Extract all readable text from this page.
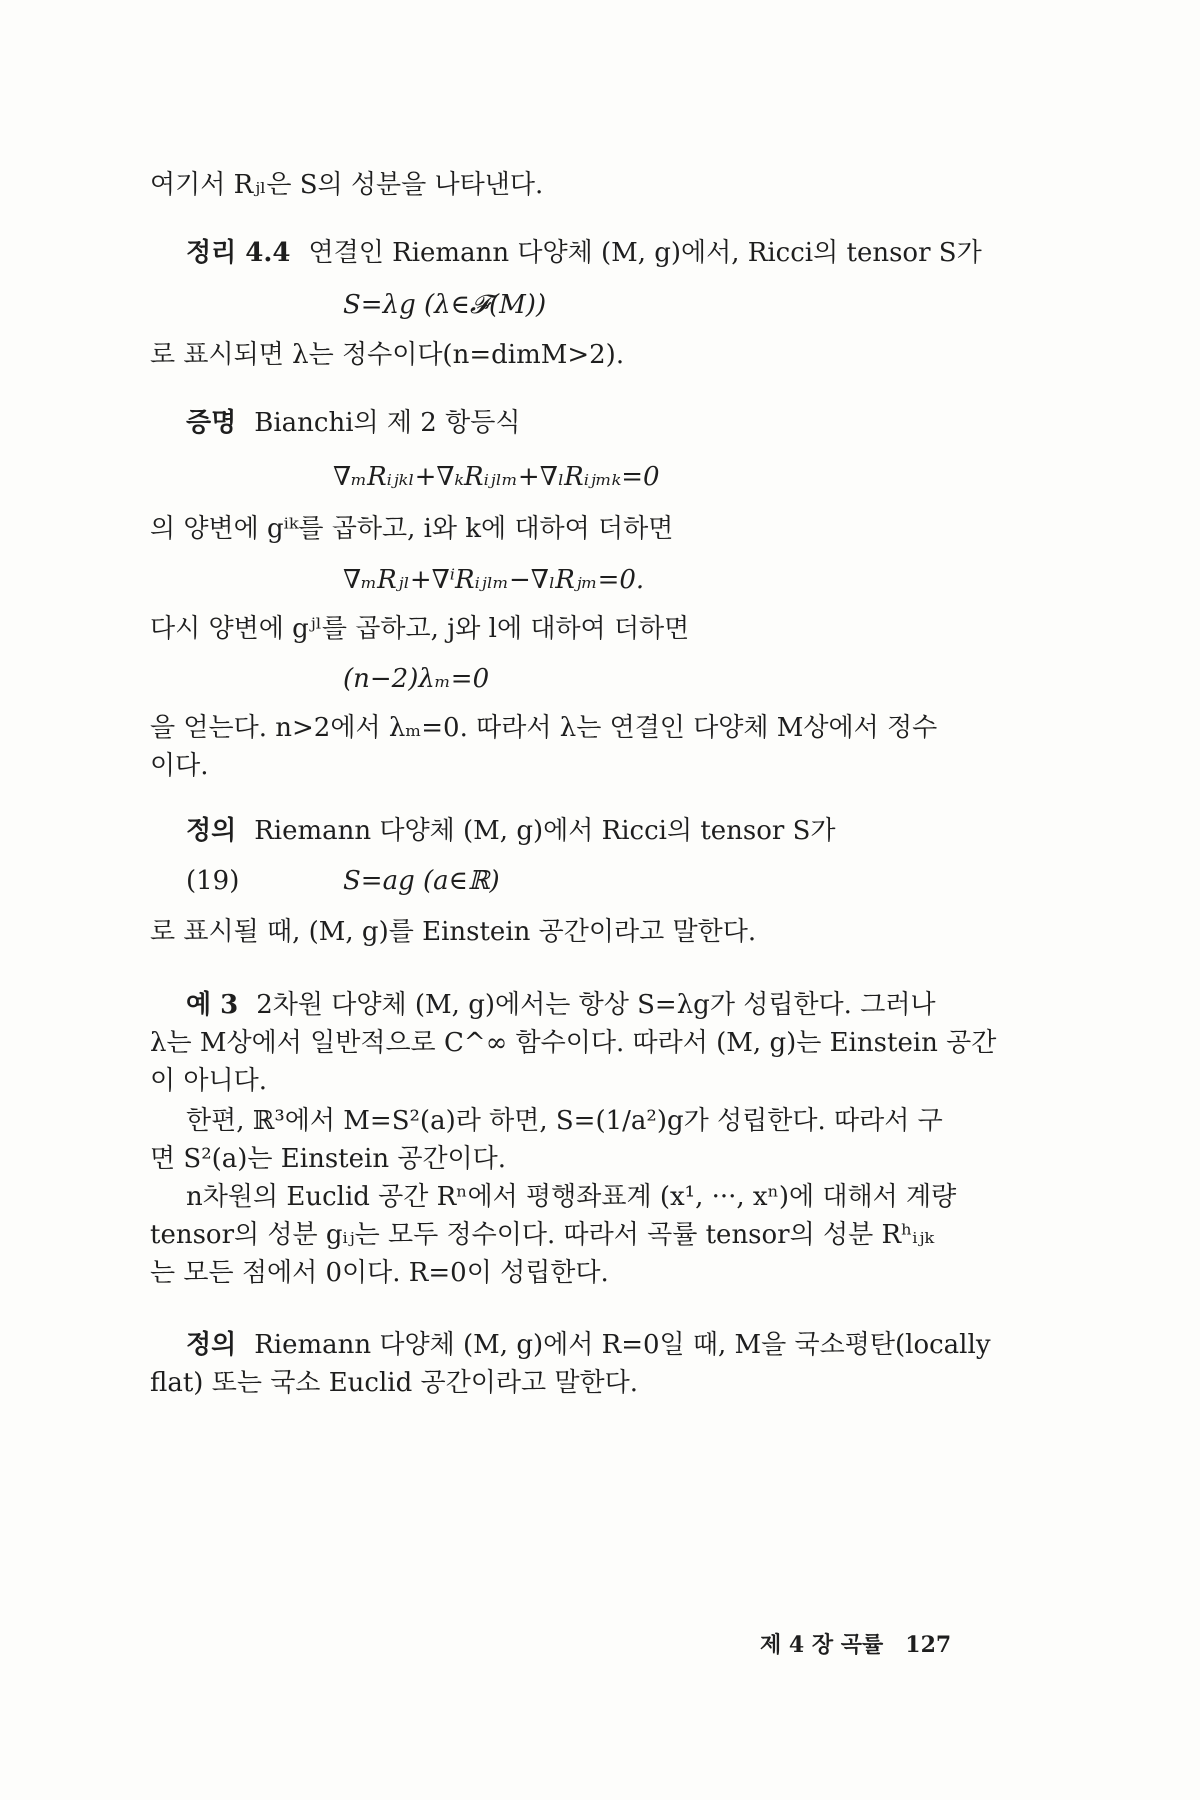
여기서 Rⱼₗ은 S의 성분을 나타낸다.
정리 4.4 연결인 Riemann 다양체 (M, g)에서, Ricci의 tensor S가
S=λg (λ∈𝓕(M))
로 표시되면 λ는 정수이다(n=dimM>2).
증명 Bianchi의 제 2 항등식
∇ₘRᵢⱼₖₗ+∇ₖRᵢⱼₗₘ+∇ₗRᵢⱼₘₖ=0
의 양변에 gⁱᵏ를 곱하고, i와 k에 대하여 더하면
∇ₘRⱼₗ+∇ⁱRᵢⱼₗₘ−∇ₗRⱼₘ=0.
다시 양변에 gʲˡ를 곱하고, j와 l에 대하여 더하면
(n−2)λₘ=0
을 얻는다. n>2에서 λₘ=0. 따라서 λ는 연결인 다양체 M상에서 정수
이다.
정의 Riemann 다양체 (M, g)에서 Ricci의 tensor S가
(19)	S=ag (a∈ℝ)
로 표시될 때, (M, g)를 Einstein 공간이라고 말한다.
예 3 2차원 다양체 (M, g)에서는 항상 S=λg가 성립한다. 그러나
λ는 M상에서 일반적으로 C^∞ 함수이다. 따라서 (M, g)는 Einstein 공간
이 아니다.
한편, ℝ³에서 M=S²(a)라 하면, S=(1/a²)g가 성립한다. 따라서 구
면 S²(a)는 Einstein 공간이다.
n차원의 Euclid 공간 Rⁿ에서 평행좌표계 (x¹, ···, xⁿ)에 대해서 계량
tensor의 성분 gᵢⱼ는 모두 정수이다. 따라서 곡률 tensor의 성분 Rʰᵢⱼₖ
는 모든 점에서 0이다. R=0이 성립한다.
정의 Riemann 다양체 (M, g)에서 R=0일 때, M을 국소평탄(locally
flat) 또는 국소 Euclid 공간이라고 말한다.
제 4 장 곡률 127
